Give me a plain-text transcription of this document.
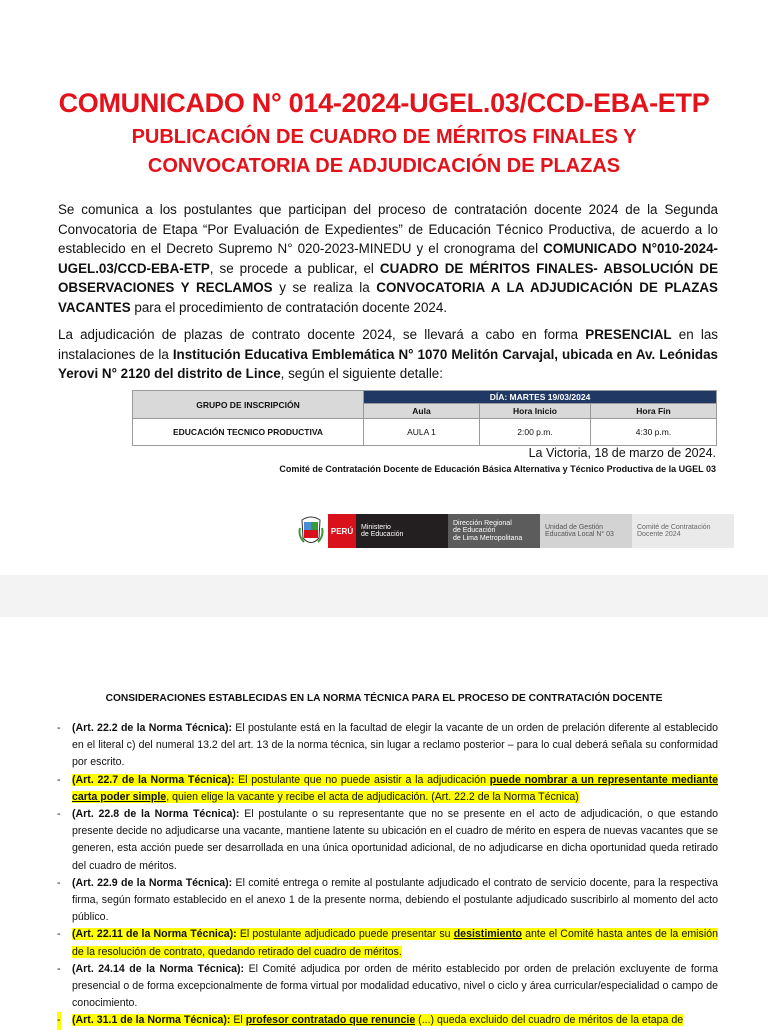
COMUNICADO N° 014-2024-UGEL.03/CCD-EBA-ETP
PUBLICACIÓN DE CUADRO DE MÉRITOS FINALES Y
CONVOCATORIA DE ADJUDICACIÓN DE PLAZAS
Se comunica a los postulantes que participan del proceso de contratación docente 2024 de la Segunda Convocatoria de Etapa “Por Evaluación de Expedientes” de Educación Técnico Productiva, de acuerdo a lo establecido en el Decreto Supremo N° 020-2023-MINEDU y el cronograma del COMUNICADO N°010-2024-UGEL.03/CCD-EBA-ETP, se procede a publicar, el CUADRO DE MÉRITOS FINALES- ABSOLUCIÓN DE OBSERVACIONES Y RECLAMOS y se realiza la CONVOCATORIA A LA ADJUDICACIÓN DE PLAZAS VACANTES para el procedimiento de contratación docente 2024.
La adjudicación de plazas de contrato docente 2024, se llevará a cabo en forma PRESENCIAL en las instalaciones de la Institución Educativa Emblemática N° 1070 Melitón Carvajal, ubicada en Av. Leónidas Yerovi N° 2120 del distrito de Lince, según el siguiente detalle:
GRUPO DE INSCRIPCIÓN	DÍA: MARTES 19/03/2024		
	Aula	Hora Inicio	Hora Fin
EDUCACIÓN TECNICO PRODUCTIVA	AULA 1	2:00 p.m.	4:30 p.m.
La Victoria, 18 de marzo de 2024.
Comité de Contratación Docente de Educación Básica Alternativa y Técnico Productiva de la UGEL 03
PERÚ	Ministerio
de Educación
Dirección Regional
de Educación
de Lima Metropolitana
Unidad de Gestión
Educativa Local N° 03
Comité de Contratación
Docente 2024
CONSIDERACIONES ESTABLECIDAS EN LA NORMA TÉCNICA PARA EL PROCESO DE CONTRATACIÓN DOCENTE
- (Art. 22.2 de la Norma Técnica): El postulante está en la facultad de elegir la vacante de un orden de prelación diferente al establecido en el literal c) del numeral 13.2 del art. 13 de la norma técnica, sin lugar a reclamo posterior – para lo cual deberá señala su conformidad por escrito.
- (Art. 22.7 de la Norma Técnica): El postulante que no puede asistir a la adjudicación puede nombrar a un representante mediante carta poder simple, quien elige la vacante y recibe el acta de adjudicación. (Art. 22.2 de la Norma Técnica)
- (Art. 22.8 de la Norma Técnica): El postulante o su representante que no se presente en el acto de adjudicación, o que estando presente decide no adjudicarse una vacante, mantiene latente su ubicación en el cuadro de mérito en espera de nuevas vacantes que se generen, esta acción puede ser desarrollada en una única oportunidad adicional, de no adjudicarse en dicha oportunidad queda retirado del cuadro de méritos.
- (Art. 22.9 de la Norma Técnica): El comité entrega o remite al postulante adjudicado el contrato de servicio docente, para la respectiva firma, según formato establecido en el anexo 1 de la presente norma, debiendo el postulante adjudicado suscribirlo al momento del acto público.
- (Art. 22.11 de la Norma Técnica): El postulante adjudicado puede presentar su desistimiento ante el Comité hasta antes de la emisión de la resolución de contrato, quedando retirado del cuadro de méritos.
- (Art. 24.14 de la Norma Técnica): El Comité adjudica por orden de mérito establecido por orden de prelación excluyente de forma presencial o de forma excepcionalmente de forma virtual por modalidad educativo, nivel o ciclo y área curricular/especialidad o campo de conocimiento.
- (Art. 31.1 de la Norma Técnica): El profesor contratado que renuncie (...) queda excluido del cuadro de méritos de la etapa de
